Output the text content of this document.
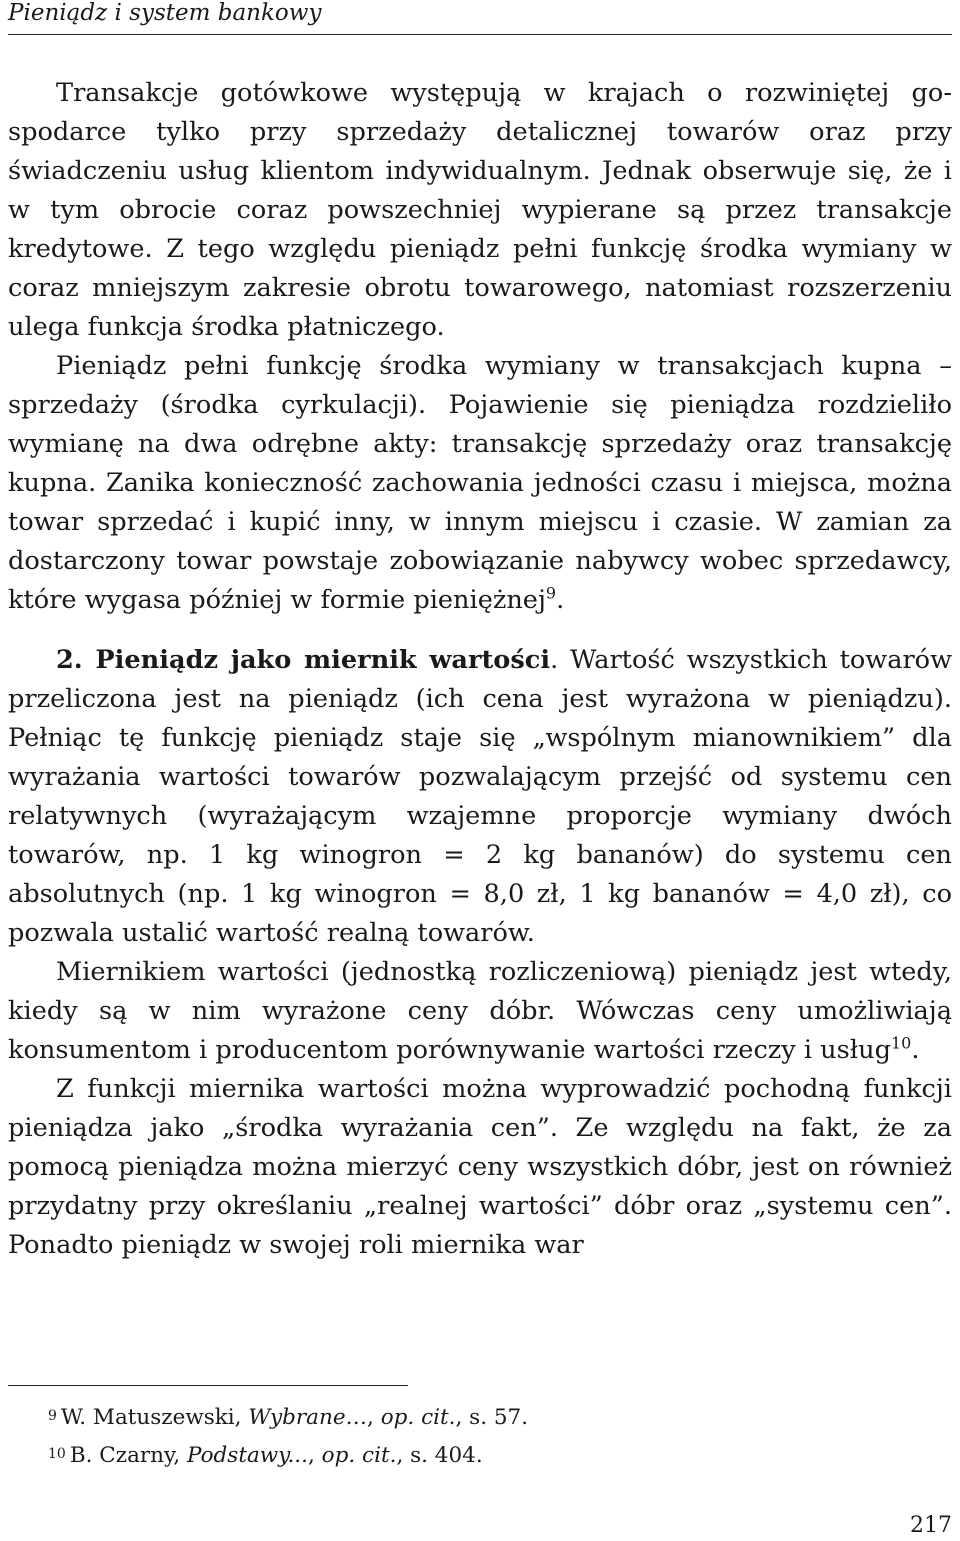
Pieniądz i system bankowy

Transakcje gotówkowe występują w krajach o rozwiniętej gospodarce tylko przy sprzedaży detalicznej towarów oraz przy świadczeniu usług klientom indywidualnym. Jednak obserwuje się, że i w tym obrocie coraz powszechniej wypierane są przez transakcje kredytowe. Z tego względu pieniądz pełni funkcję środka wymiany w coraz mniejszym zakresie obrotu towarowego, natomiast rozszerzeniu ulega funkcja środka płatniczego.

Pieniądz pełni funkcję środka wymiany w transakcjach kupna –sprzedaży (środka cyrkulacji). Pojawienie się pieniądza rozdzieliło wymianę na dwa odrębne akty: transakcję sprzedaży oraz transakcję kupna. Zanika konieczność zachowania jedności czasu i miejsca, można towar sprzedać i kupić inny, w innym miejscu i czasie. W zamian za dostarczony towar powstaje zobowiązanie nabywcy wobec sprzedawcy, które wygasa później w formie pieniężnej$^9$.

2. Pieniądz jako miernik wartości. Wartość wszystkich towarów przeliczona jest na pieniądz (ich cena jest wyrażona w pieniądzu). Pełniąc tę funkcję pieniądz staje się „wspólnym mianownikiem” dla wyrażania wartości towarów pozwalającym przejść od systemu cen relatywnych (wyrażającym wzajemne proporcje wymiany dwóch towarów, np. 1 kg winogron = 2 kg bananów) do systemu cen absolutnych (np. 1 kg winogron = 8,0 zł, 1 kg bananów = 4,0 zł), co pozwala ustalić wartość realną towarów.

Miernikiem wartości (jednostką rozliczeniową) pieniądz jest wtedy, kiedy są w nim wyrażone ceny dóbr. Wówczas ceny umożliwiają konsumentom i producentom porównywanie wartości rzeczy i usług$^{10}$.

Z funkcji miernika wartości można wyprowadzić pochodną funkcji pieniądza jako „środka wyrażania cen”. Ze względu na fakt, że za pomocą pieniądza można mierzyć ceny wszystkich dóbr, jest on również przydatny przy określaniu „realnej wartości” dóbr oraz „systemu cen”. Ponadto pieniądz w swojej roli miernika war

$^9$ W. Matuszewski, Wybrane…, op. cit., s. 57.

$^{10}$ B. Czarny, Podstawy..., op. cit., s. 404.

217
